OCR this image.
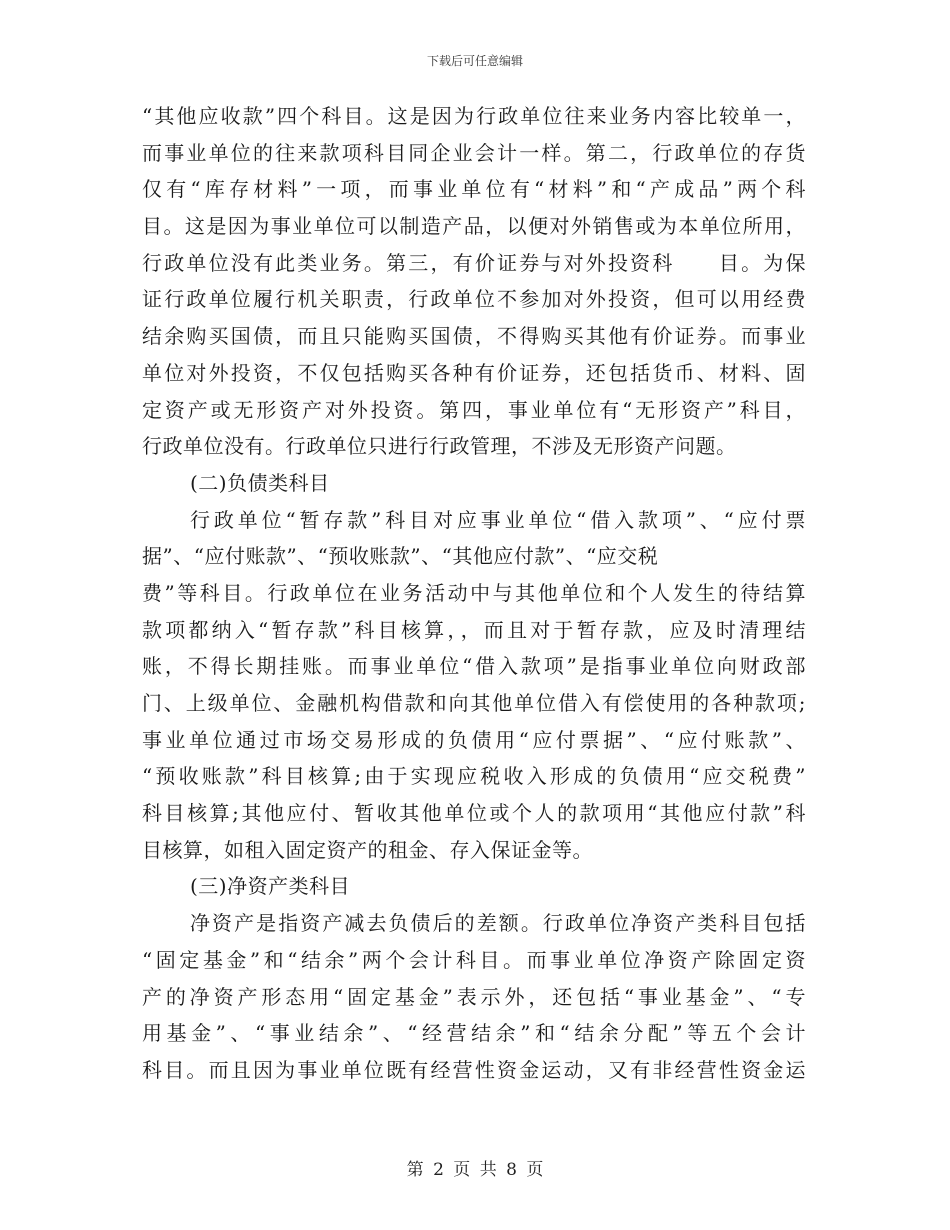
下载后可任意编辑
“其他应收款”四个科目。这是因为行政单位往来业务内容比较单一，
而事业单位的往来款项科目同企业会计一样。第二，行政单位的存货
仅有“库存材料”一项，而事业单位有“材料”和“产成品”两个科
目。这是因为事业单位可以制造产品，以便对外销售或为本单位所用，
行政单位没有此类业务。第三，有价证券与对外投资科　　目。为保
证行政单位履行机关职责，行政单位不参加对外投资，但可以用经费
结余购买国债，而且只能购买国债，不得购买其他有价证券。而事业
单位对外投资，不仅包括购买各种有价证券，还包括货币、材料、固
定资产或无形资产对外投资。第四，事业单位有“无形资产”科目，
行政单位没有。行政单位只进行行政管理，不涉及无形资产问题。
(二)负债类科目
行政单位“暂存款”科目对应事业单位“借入款项”、“应付票
据”、“应付账款”、“预收账款”、“其他应付款”、“应交税
费”等科目。行政单位在业务活动中与其他单位和个人发生的待结算
款项都纳入“暂存款”科目核算，，而且对于暂存款，应及时清理结
账，不得长期挂账。而事业单位“借入款项”是指事业单位向财政部
门、上级单位、金融机构借款和向其他单位借入有偿使用的各种款项;
事业单位通过市场交易形成的负债用“应付票据”、“应付账款”、
“预收账款”科目核算;由于实现应税收入形成的负债用“应交税费”
科目核算;其他应付、暂收其他单位或个人的款项用“其他应付款”科
目核算，如租入固定资产的租金、存入保证金等。
(三)净资产类科目
净资产是指资产减去负债后的差额。行政单位净资产类科目包括
“固定基金”和“结余”两个会计科目。而事业单位净资产除固定资
产的净资产形态用“固定基金”表示外，还包括“事业基金”、“专
用基金”、“事业结余”、“经营结余”和“结余分配”等五个会计
科目。而且因为事业单位既有经营性资金运动，又有非经营性资金运
第 2 页 共 8 页
